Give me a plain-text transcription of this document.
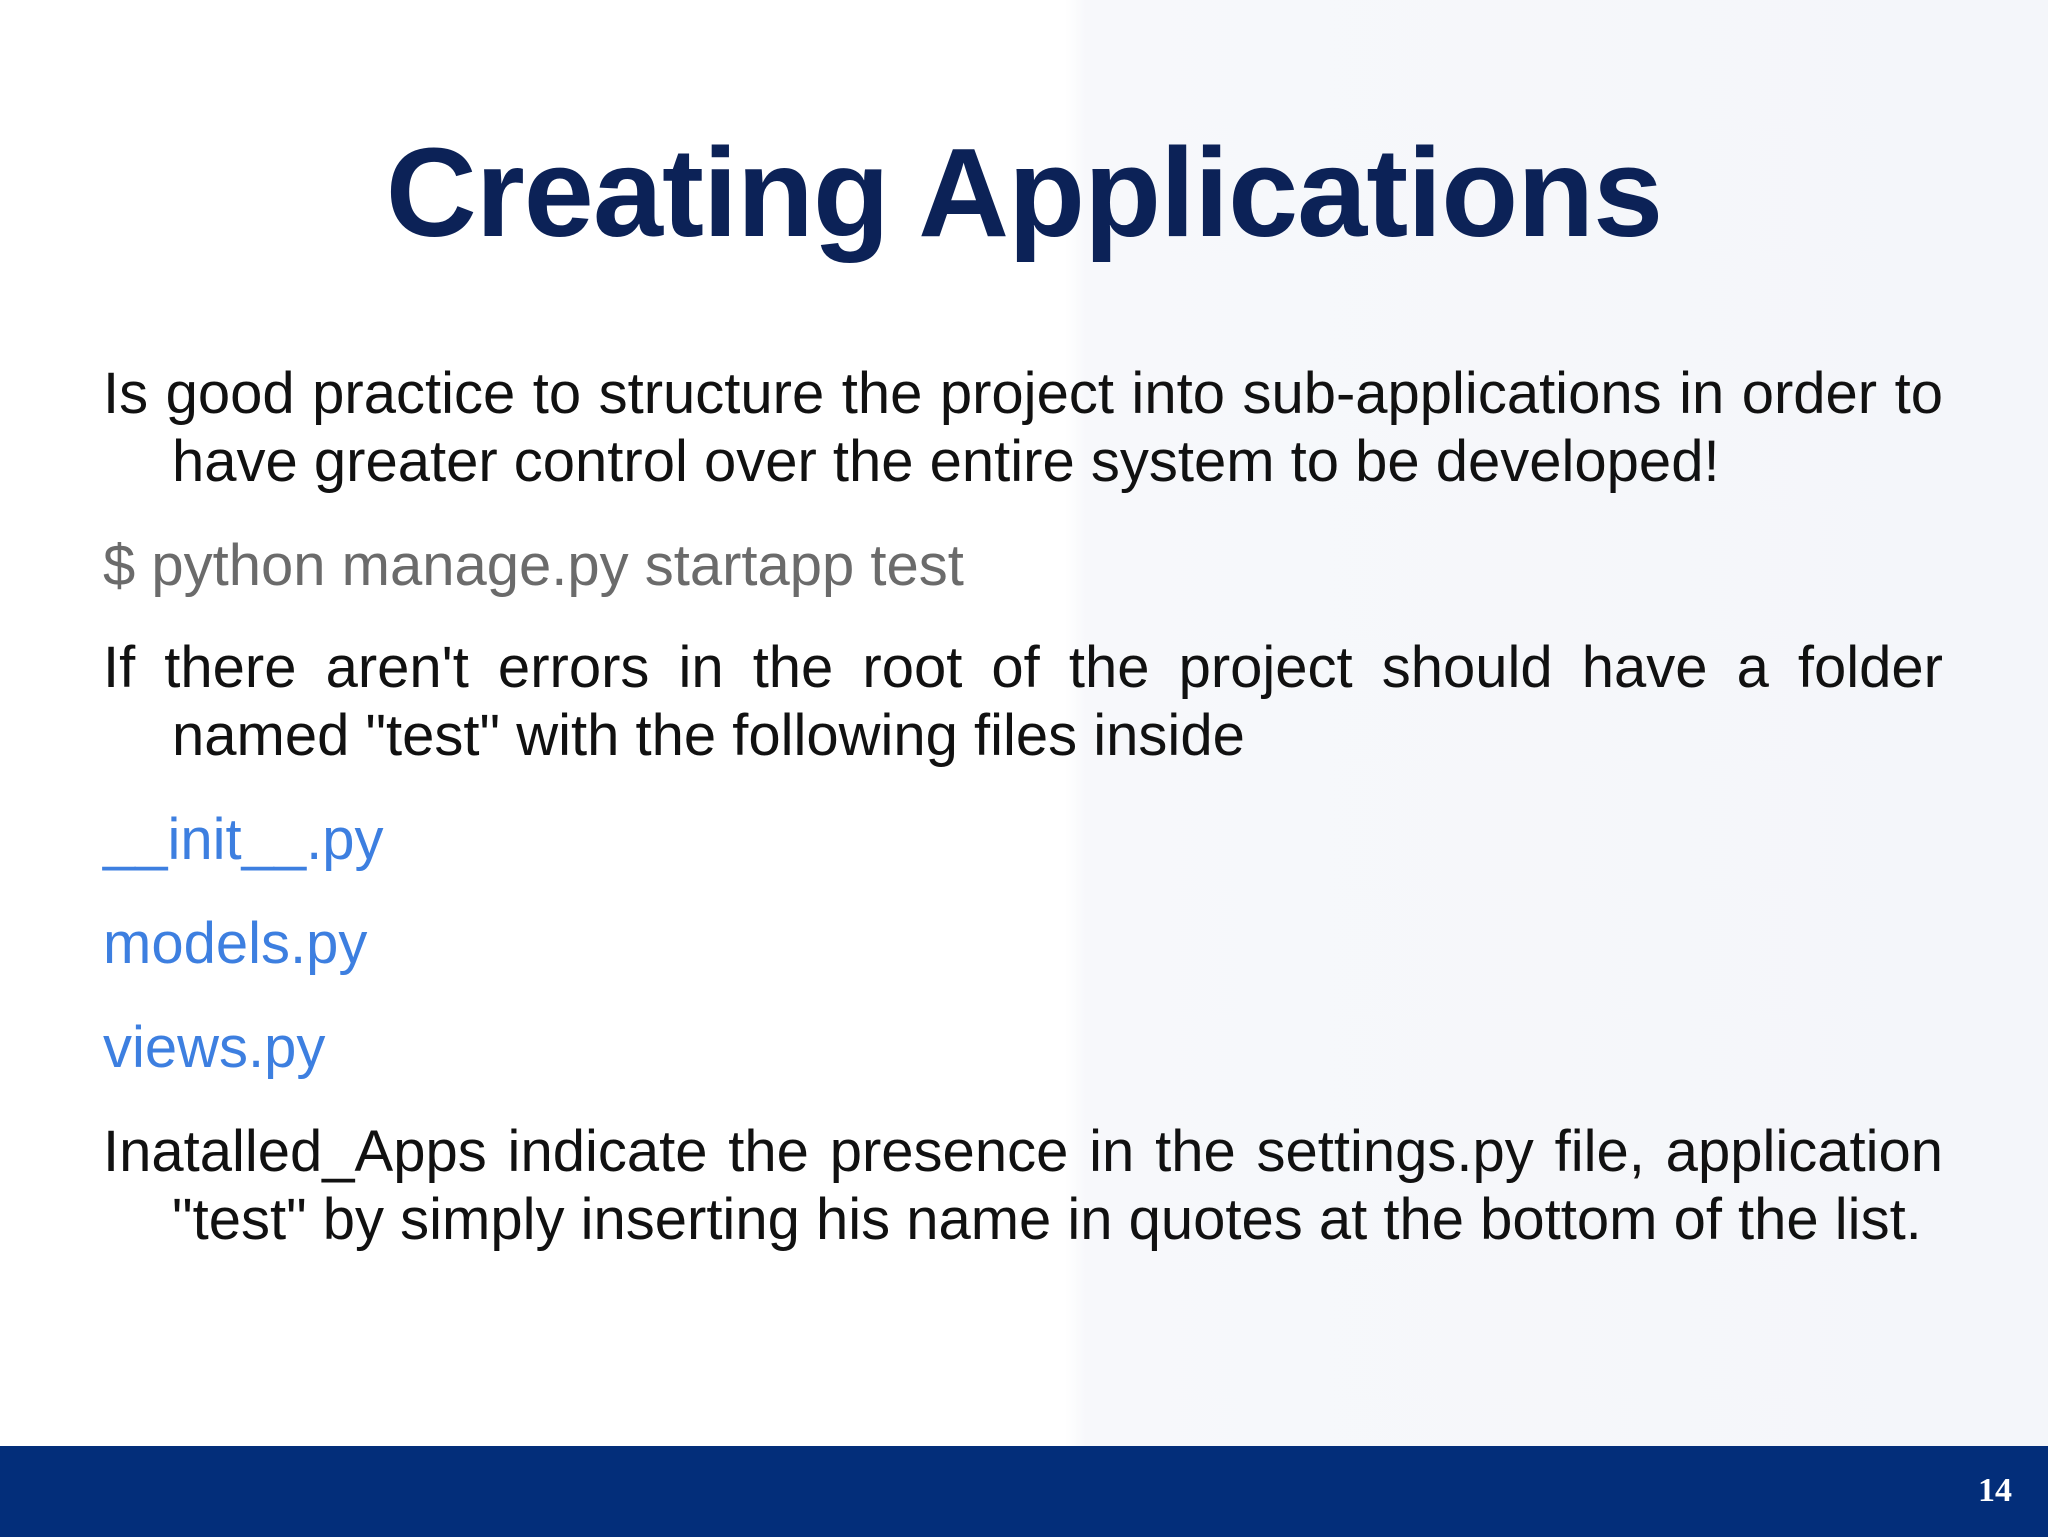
Creating Applications

Is good practice to structure the project into sub-applications in order to have greater control over the entire system to be developed!

$ python manage.py startapp test

If there aren't errors in the root of the project should have a folder named "test" with the following files inside

__init__.py

models.py

views.py

Inatalled_Apps indicate the presence in the settings.py file, application "test" by simply inserting his name in quotes at the bottom of the list.

14
